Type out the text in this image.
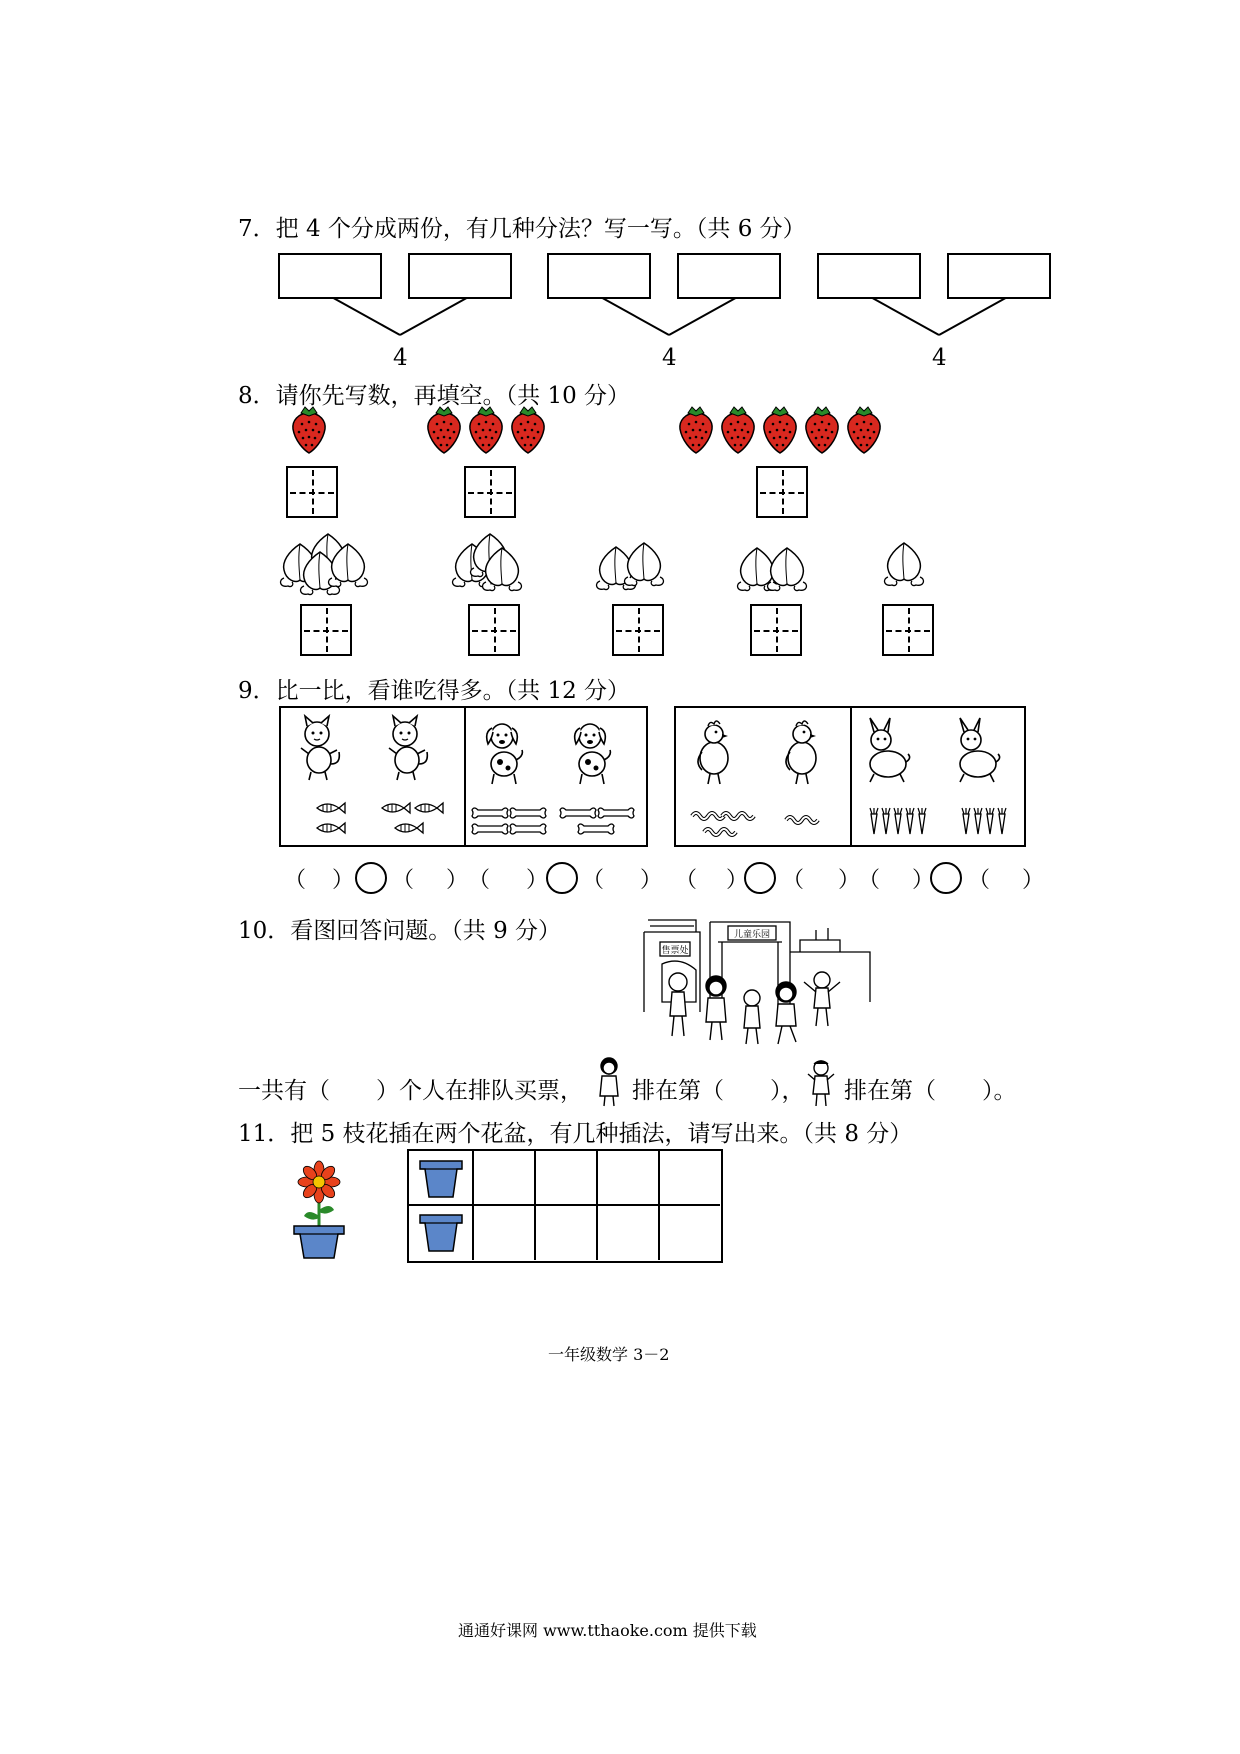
7．把 4 个分成两份，有几种分法？写一写。（共 6 分）
4	4	4
8．请你先写数，再填空。（共 10 分）
9．比一比，看谁吃得多。（共 12 分）
（ ） （ ） （ ） （ ） （ ） （ ）
（ ） （ ）
10．看图回答问题。（共 9 分）
售票处
儿童乐园
一共有（　　）个人在排队买票， 排在第（　　）， 排在第（　　）。
11．把 5 枝花插在两个花盆，有几种插法，请写出来。（共 8 分）
一年级数学 3－2
通通好课网 www.tthaoke.com 提供下载
